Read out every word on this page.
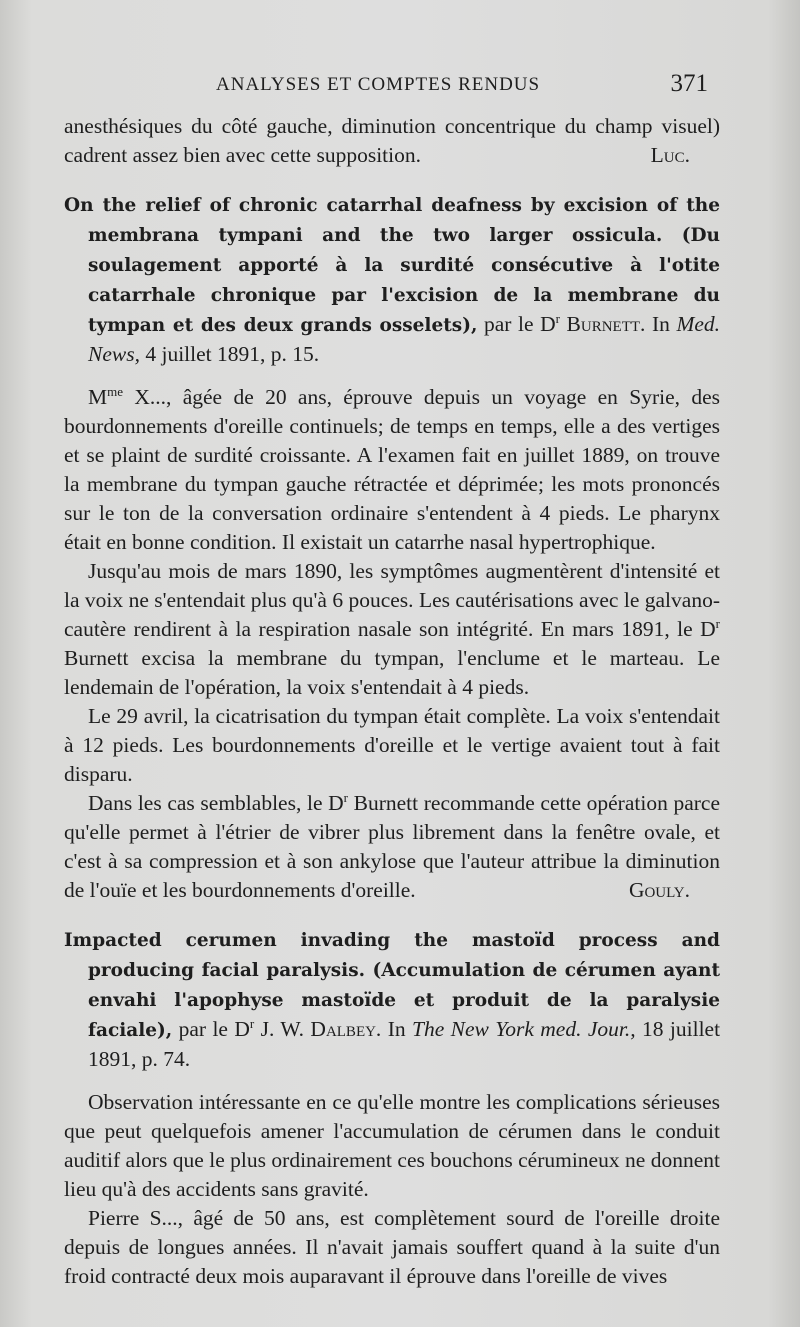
ANALYSES ET COMPTES RENDUS	371

anesthésiques du côté gauche, diminution concentrique du champ visuel) cadrent assez bien avec cette supposition.	Luc.

On the relief of chronic catarrhal deafness by excision of the membrana tympani and the two larger ossicula. (Du soulagement apporté à la surdité consécutive à l'otite catarrhale chronique par l'excision de la membrane du tympan et des deux grands osselets), par le $D^r$ Burnett. In Med. News, 4 juillet 1891, p. 15.

$M^{me}$ X..., âgée de 20 ans, éprouve depuis un voyage en Syrie, des bourdonnements d'oreille continuels; de temps en temps, elle a des vertiges et se plaint de surdité croissante. A l'examen fait en juillet 1889, on trouve la membrane du tympan gauche rétractée et déprimée; les mots prononcés sur le ton de la conversation ordinaire s'entendent à 4 pieds. Le pharynx était en bonne condition. Il existait un catarrhe nasal hypertrophique.

Jusqu'au mois de mars 1890, les symptômes augmentèrent d'intensité et la voix ne s'entendait plus qu'à 6 pouces. Les cautérisations avec le galvano-cautère rendirent à la respiration nasale son intégrité. En mars 1891, le $D^r$ Burnett excisa la membrane du tympan, l'enclume et le marteau. Le lendemain de l'opération, la voix s'entendait à 4 pieds.

Le 29 avril, la cicatrisation du tympan était complète. La voix s'entendait à 12 pieds. Les bourdonnements d'oreille et le vertige avaient tout à fait disparu.

Dans les cas semblables, le $D^r$ Burnett recommande cette opération parce qu'elle permet à l'étrier de vibrer plus librement dans la fenêtre ovale, et c'est à sa compression et à son ankylose que l'auteur attribue la diminution de l'ouïe et les bourdonnements d'oreille.	Gouly.

Impacted cerumen invading the mastoïd process and producing facial paralysis. (Accumulation de cérumen ayant envahi l'apophyse mastoïde et produit de la paralysie faciale), par le $D^r$ J. W. Dalbey. In The New York med. Jour., 18 juillet 1891, p. 74.

Observation intéressante en ce qu'elle montre les complications sérieuses que peut quelquefois amener l'accumulation de cérumen dans le conduit auditif alors que le plus ordinairement ces bouchons cérumineux ne donnent lieu qu'à des accidents sans gravité.

Pierre S..., âgé de 50 ans, est complètement sourd de l'oreille droite depuis de longues années. Il n'avait jamais souffert quand à la suite d'un froid contracté deux mois auparavant il éprouve dans l'oreille de vives
